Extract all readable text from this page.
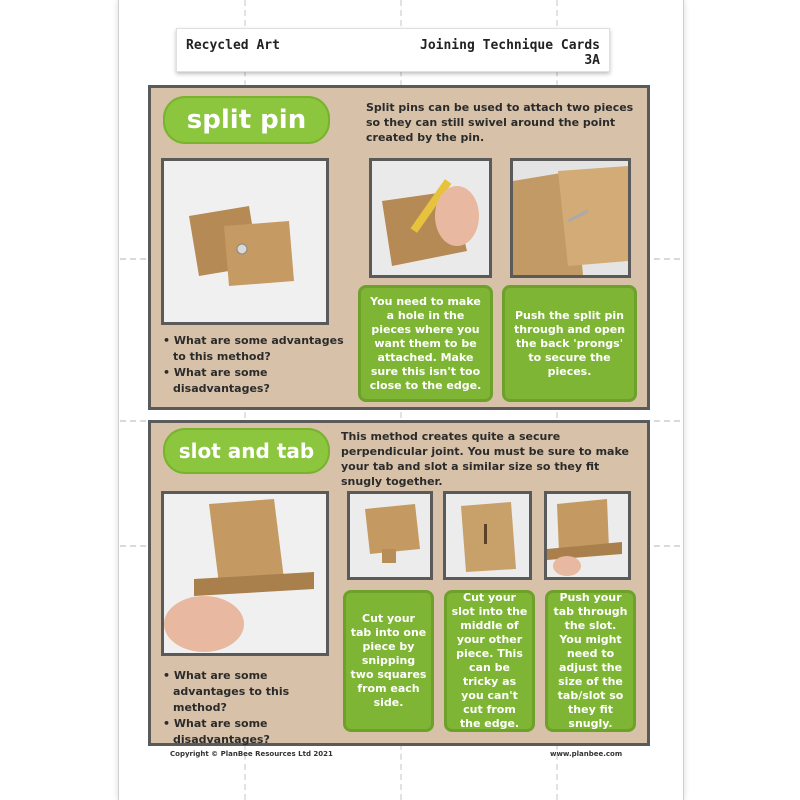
Recycled Art	Joining Technique Cards 3A
split pin	Split pins can be used to attach two pieces so they can still swivel around the point created by the pin.
You need to make a hole in the pieces where you want them to be attached. Make sure this isn't too close to the edge.
Push the split pin through and open the back 'prongs' to secure the pieces.
• What are some advantages to this method?
• What are some disadvantages?
slot and tab
This method creates quite a secure perpendicular joint. You must be sure to make your tab and slot a similar size so they fit snugly together.
Cut your tab into one piece by snipping two squares from each side.
Cut your slot into the middle of your other piece. This can be tricky as you can't cut from the edge.
Push your tab through the slot. You might need to adjust the size of the tab/slot so they fit snugly.
• What are some advantages to this method?
• What are some disadvantages?
Copyright © PlanBee Resources Ltd 2021	www.planbee.com
